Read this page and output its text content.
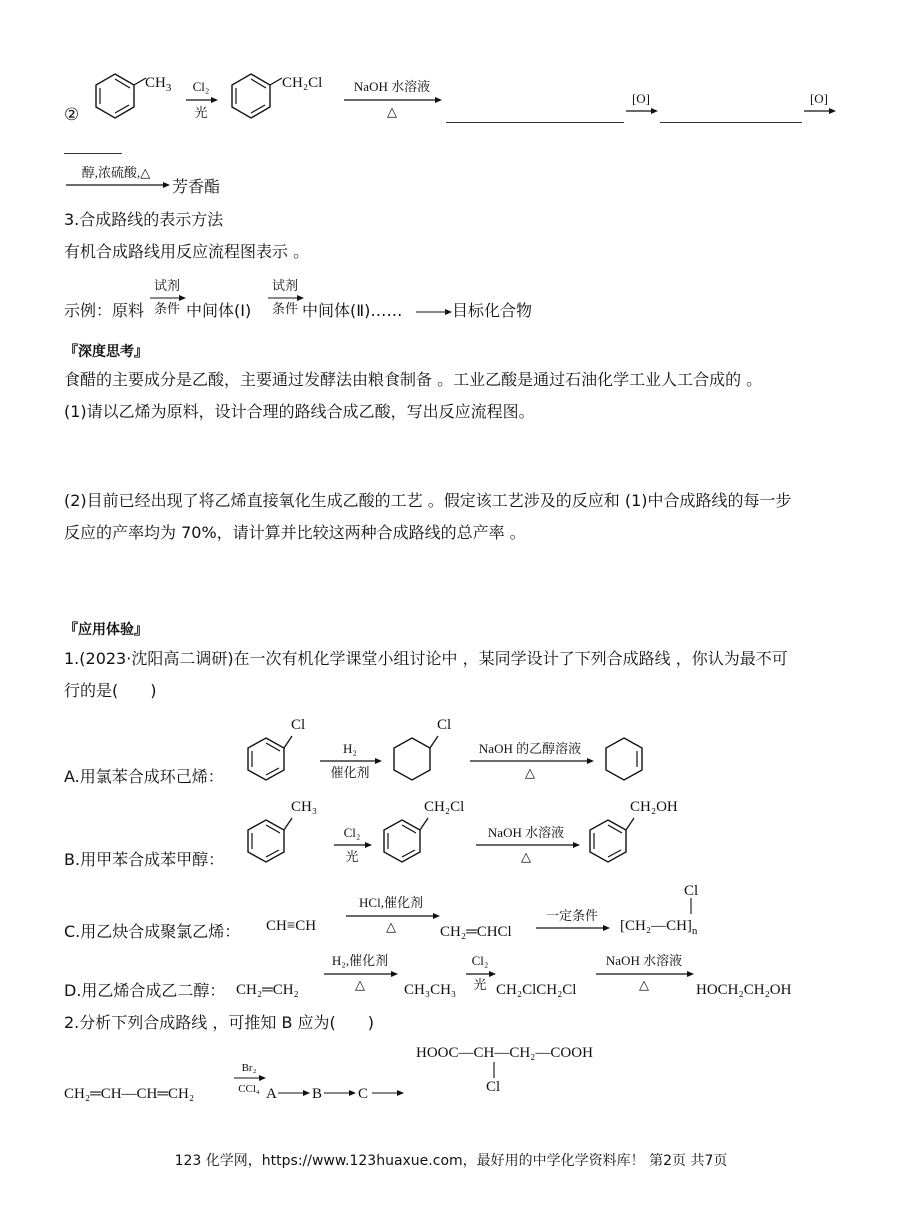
②
$CH_3$	Cl₂
光
CH₂Cl	NaOH 水溶液
△
[O]	[O]
醇,浓硫酸,△
芳香酯
3.合成路线的表示方法
有机合成路线用反应流程图表示 。
示例：原料
试剂
条件 中间体(Ⅰ)
试剂
条件 中间体(Ⅱ)…… → 目标化合物
『深度思考』
食醋的主要成分是乙酸，主要通过发酵法由粮食制备 。工业乙酸是通过石油化学工业人工合成的 。
(1)请以乙烯为原料，设计合理的路线合成乙酸，写出反应流程图。
(2)目前已经出现了将乙烯直接氧化生成乙酸的工艺 。假定该工艺涉及的反应和 (1)中合成路线的每一步
反应的产率均为 70%，请计算并比较这两种合成路线的总产率 。
『应用体验』
1.(2023·沈阳高二调研)在一次有机化学课堂小组讨论中 ，某同学设计了下列合成路线 ，你认为最不可
行的是(　　)
A.用氯苯合成环己烯：
Cl
H₂
催化剂
Cl
NaOH 的乙醇溶液
△
B.用甲苯合成苯甲醇：
CH₃
Cl₂
光
CH₂Cl
NaOH 水溶液
△
CH₂OH
C.用乙炔合成聚氯乙烯： CH≡CH
HCl,催化剂
△	CH₂═CHCl
一定条件
Cl
$[CH_2—CH]_n$
D.用乙烯合成乙二醇： CH₂═CH₂
H₂,催化剂
△	CH₃CH₃
Cl₂
光 CH₂ClCH₂Cl
NaOH 水溶液
△	HOCH₂CH₂OH
2.分析下列合成路线 ，可推知 B 应为(　　)
CH₂═CH—CH═CH₂
Br₂
CCl₄ A → B → C →
HOOC—CH—CH₂—COOH
Cl
123 化学网，https://www.123huaxue.com，最好用的中学化学资料库！ 第2页 共7页
